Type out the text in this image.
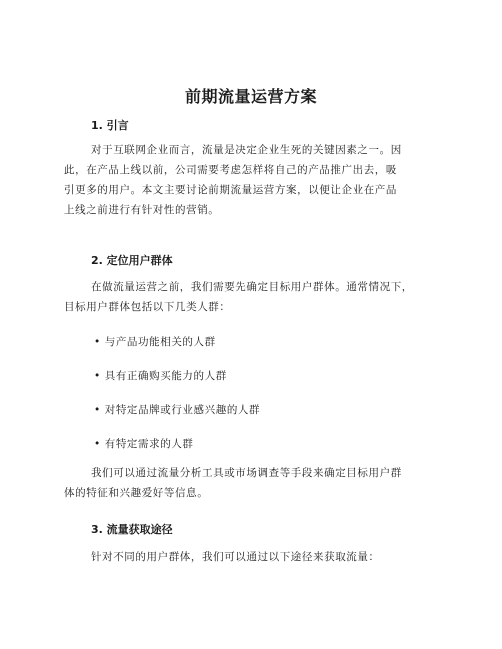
前期流量运营方案
1. 引言
对于互联网企业而言，流量是决定企业生死的关键因素之一。因
此，在产品上线以前，公司需要考虑怎样将自己的产品推广出去，吸
引更多的用户。本文主要讨论前期流量运营方案，以便让企业在产品
上线之前进行有针对性的营销。
2. 定位用户群体
在做流量运营之前，我们需要先确定目标用户群体。通常情况下，
目标用户群体包括以下几类人群：
• 与产品功能相关的人群
• 具有正确购买能力的人群
• 对特定品牌或行业感兴趣的人群
• 有特定需求的人群
我们可以通过流量分析工具或市场调查等手段来确定目标用户群
体的特征和兴趣爱好等信息。
3. 流量获取途径
针对不同的用户群体，我们可以通过以下途径来获取流量：
